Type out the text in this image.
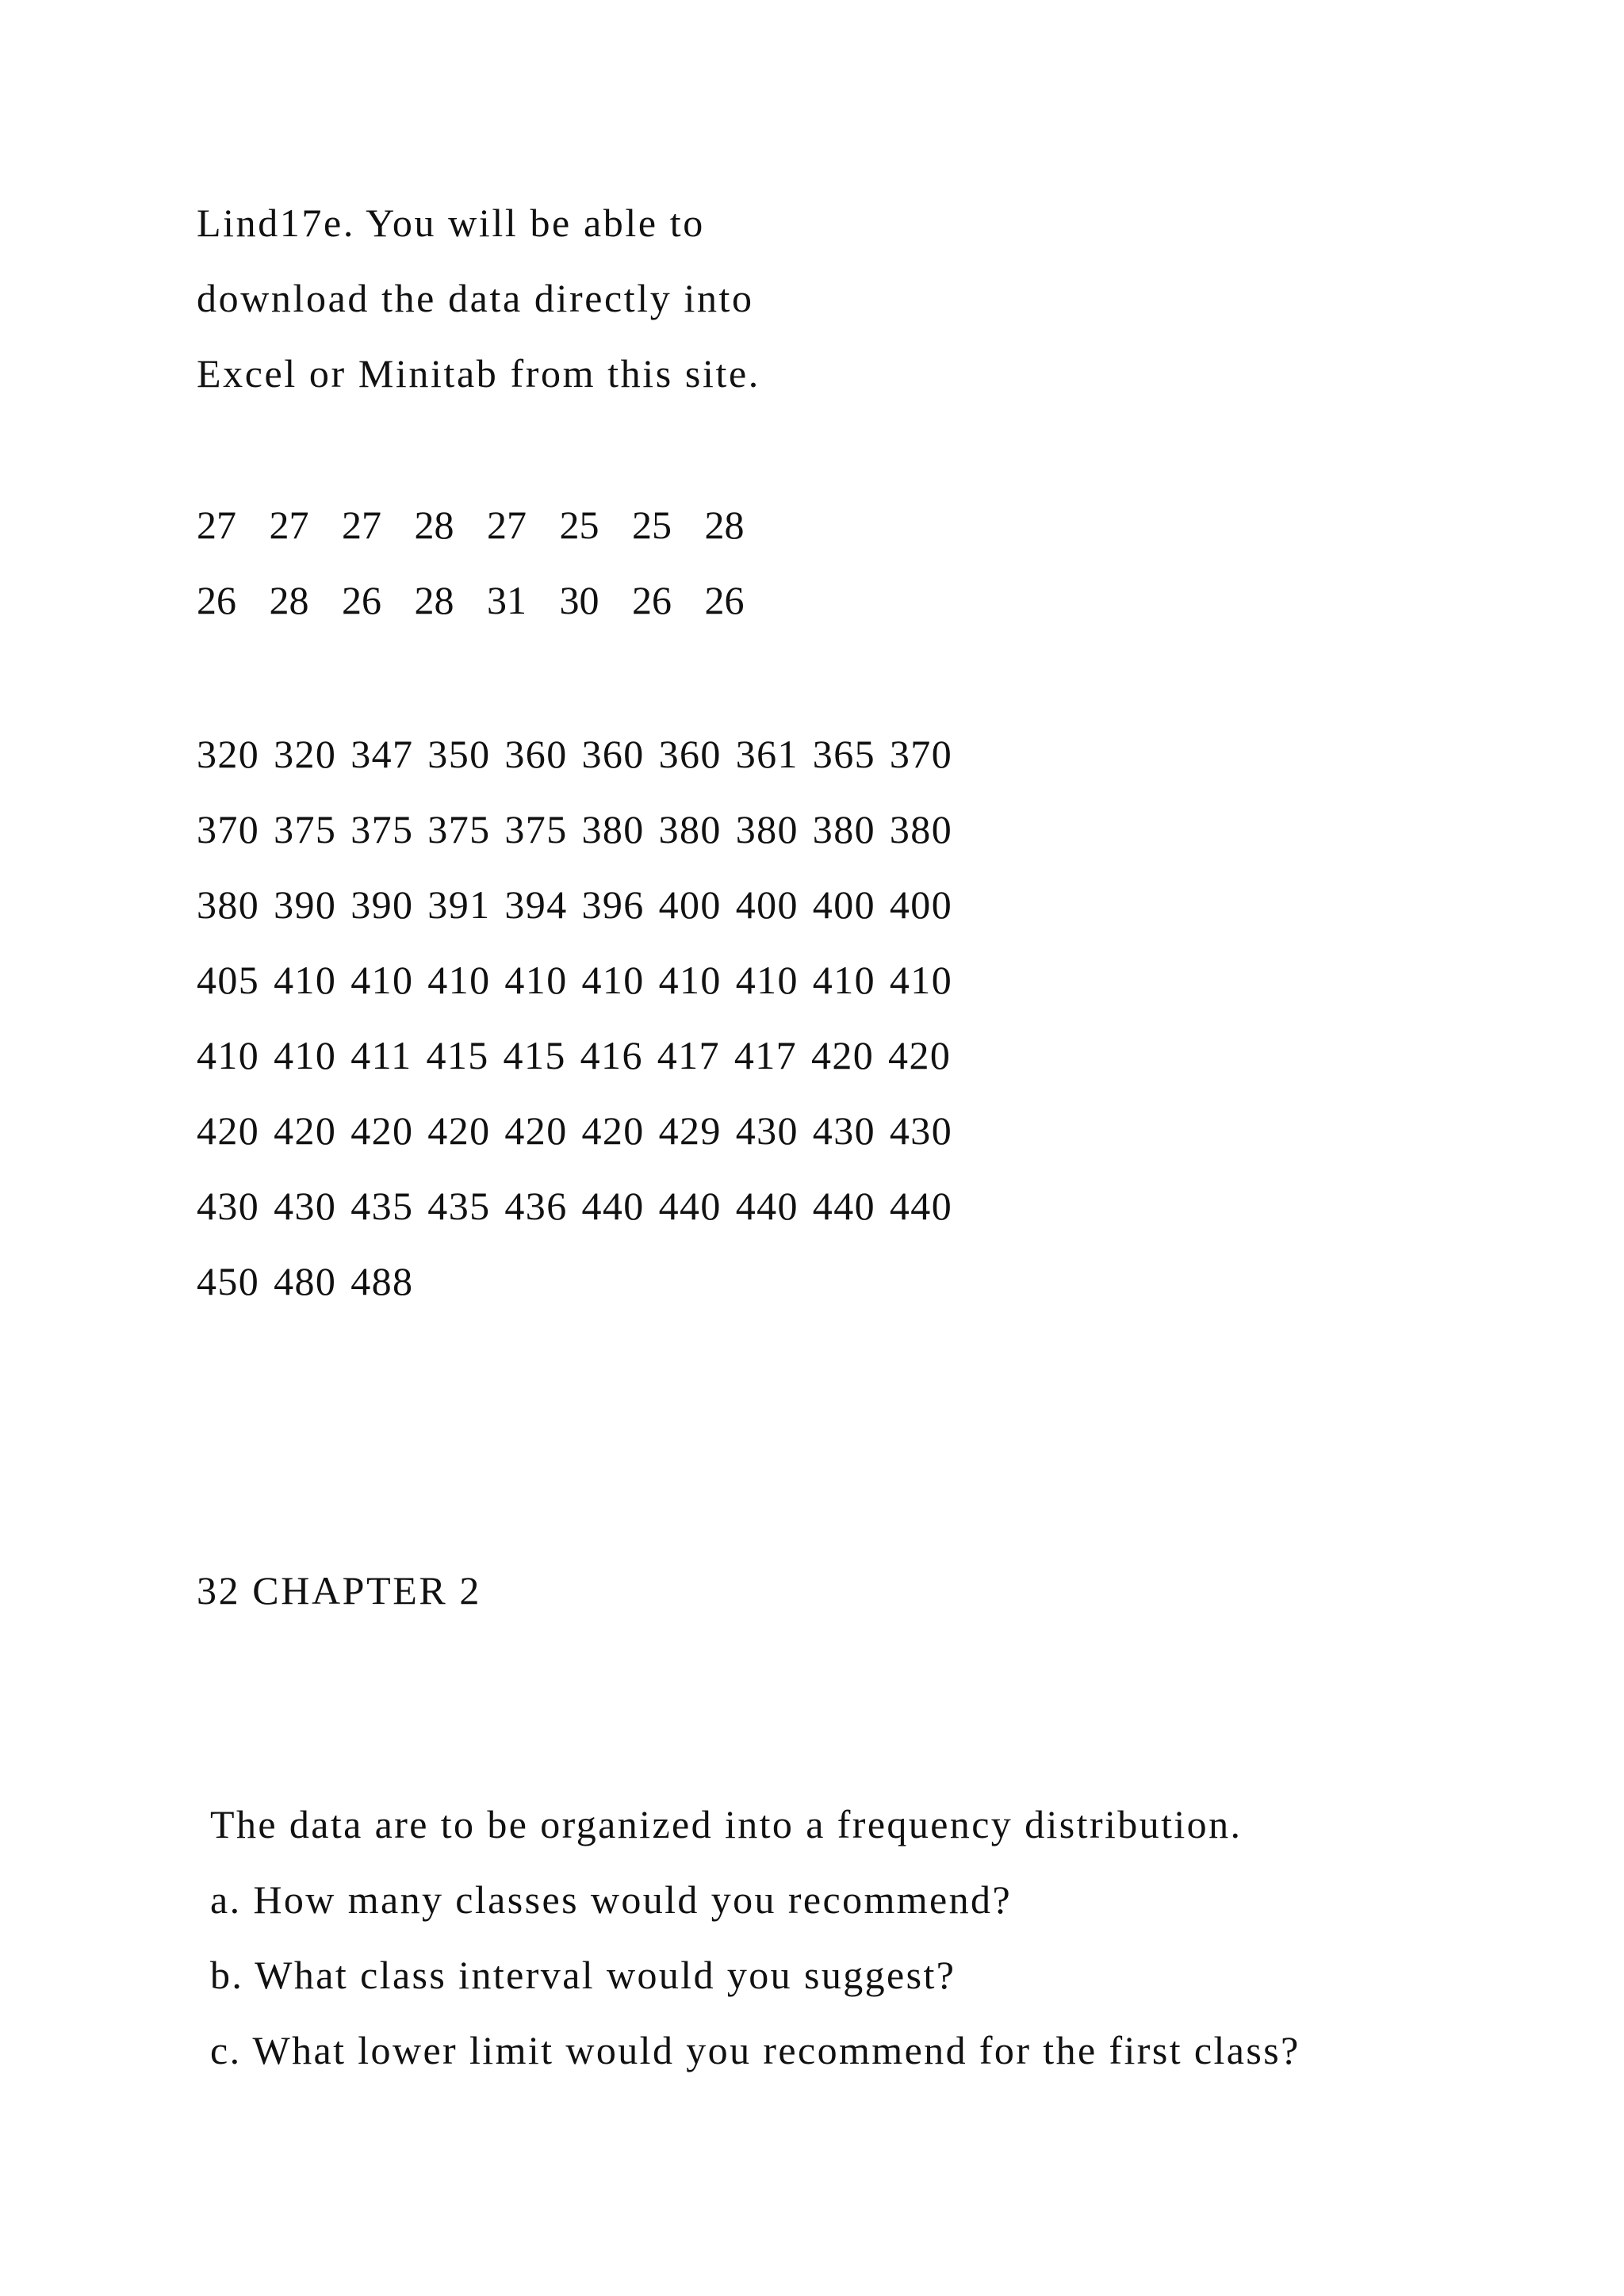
Lind17e. You will be able to
download the data directly into
Excel or Minitab from this site.
27 27 27 28 27 25 25 28
26 28 26 28 31 30 26 26
320 320 347 350 360 360 360 361 365 370
370 375 375 375 375 380 380 380 380 380
380 390 390 391 394 396 400 400 400 400
405 410 410 410 410 410 410 410 410 410
410 410 411 415 415 416 417 417 420 420
420 420 420 420 420 420 429 430 430 430
430 430 435 435 436 440 440 440 440 440
450 480 488
32 CHAPTER 2
The data are to be organized into a frequency distribution.
a. How many classes would you recommend?
b. What class interval would you suggest?
c. What lower limit would you recommend for the first class?
